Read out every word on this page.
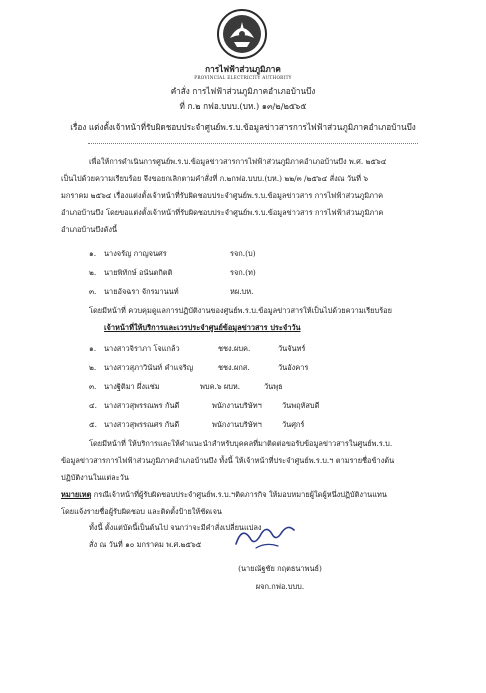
การไฟฟ้าส่วนภูมิภาค
PROVINCIAL ELECTRICITY AUTHORITY
คำสั่ง การไฟฟ้าส่วนภูมิภาคอำเภอบ้านบึง
ที่ ก.๒ กฟอ.บบบ.(บห.) ๑๓/๒/๒๕๖๕
เรื่อง แต่งตั้งเจ้าหน้าที่รับผิดชอบประจำศูนย์พ.ร.บ.ข้อมูลข่าวสารการไฟฟ้าส่วนภูมิภาคอำเภอบ้านบึง
เพื่อให้การดำเนินการศูนย์พ.ร.บ.ข้อมูลข่าวสารการไฟฟ้าส่วนภูมิภาคอำเภอบ้านบึง พ.ศ. ๒๕๖๔
เป็นไปด้วยความเรียบร้อย จึงขอยกเลิกตามคำสั่งที่ ก.๒กฟอ.บบบ.(บห.) ๒๒/๓ /๒๕๖๔ สั่งณ วันที่ ๖
มกราคม ๒๕๖๔ เรื่องแต่งตั้งเจ้าหน้าที่รับผิดชอบประจำศูนย์พ.ร.บ.ข้อมูลข่าวสาร การไฟฟ้าส่วนภูมิภาค
อำเภอบ้านบึง โดยขอแต่งตั้งเจ้าหน้าที่รับผิดชอบประจำศูนย์พ.ร.บ.ข้อมูลข่าวสาร การไฟฟ้าส่วนภูมิภาค
อำเภอบ้านบึงดังนี้
๑. นางจรัญ กาญจนศร	รจก.(บ)
๒. นายพิทักษ์ อนันตกิตติ	รจก.(ท)
๓. นายอัจฉรา จักรมานนท์	หผ.บห.
โดยมีหน้าที่ ควบคุมดูแลการปฏิบัติงานของศูนย์พ.ร.บ.ข้อมูลข่าวสารให้เป็นไปด้วยความเรียบร้อย
เจ้าหน้าที่ให้บริการและเวรประจำศูนย์ข้อมูลข่าวสาร ประจำวัน
๑. นางสาวจิราภา โจแกล้ว	ชชง.ผบค.	วันจันทร์
๒. นางสาวสุภาวินันท์ คำแจริญ	ชชง.ผกส.	วันอังคาร
๓. นางฐิติมา ผึ่งแช่ม	พบค.๖ ผบห.	วันพุธ
๔. นางสาวสุพรรณพร กันดี	พนักงานบริษัทฯ	วันพฤหัสบดี
๕. นางสาวสุพรรณศร กันดี	พนักงานบริษัทฯ	วันศุกร์
โดยมีหน้าที่ ให้บริการและให้คำแนะนำสำหรับบุคคลที่มาติดต่อขอรับข้อมูลข่าวสารในศูนย์พ.ร.บ.
ข้อมูลข่าวสารการไฟฟ้าส่วนภูมิภาคอำเภอบ้านบึง ทั้งนี้ ให้เจ้าหน้าที่ประจำศูนย์พ.ร.บ.ฯ ตามรายชื่อข้างต้น
ปฏิบัติงานในแต่ละวัน
หมายเหตุ กรณีเจ้าหน้าที่ผู้รับผิดชอบประจำศูนย์พ.ร.บ.ฯติดภารกิจ ให้มอบหมายผู้ใดผู้หนึ่งปฏิบัติงานแทน
โดยแจ้งรายชื่อผู้รับผิดชอบ และติดตั้งป้ายให้ชัดเจน
ทั้งนี้ ตั้งแต่บัดนี้เป็นต้นไป จนกว่าจะมีคำสั่งเปลี่ยนแปลง
สั่ง ณ วันที่ ๑๐ มกราคม พ.ศ.๒๕๖๕
(นายณัฐชัย กฤตธนาพนธ์)
ผจก.กฟอ.บบบ.
